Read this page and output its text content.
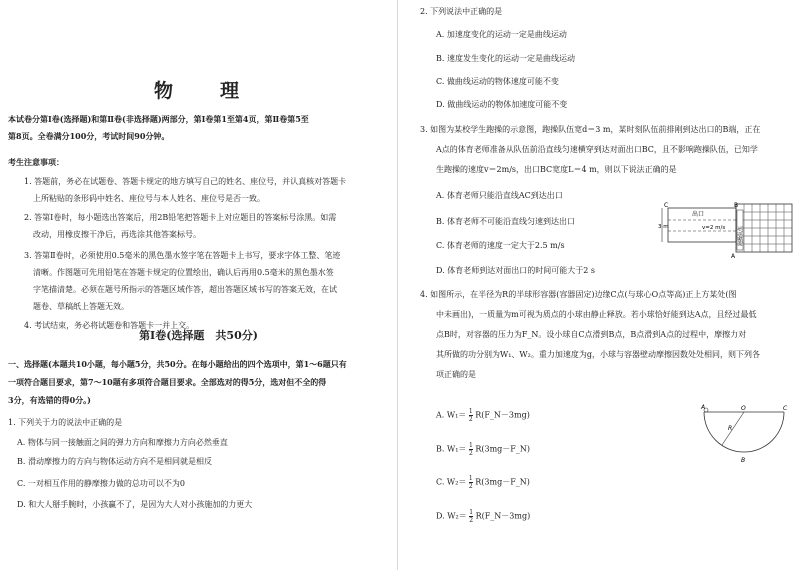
物　理
本试卷分第Ⅰ卷(选择题)和第Ⅱ卷(非选择题)两部分，第Ⅰ卷第1至第4页，第Ⅱ卷第5至
第8页。全卷满分100分，考试时间90分钟。
考生注意事项：
1. 答题前，务必在试题卷、答题卡规定的地方填写自己的姓名、座位号，并认真核对答题卡
上所粘贴的条形码中姓名、座位号与本人姓名、座位号是否一致。
2. 答第Ⅰ卷时，每小题选出答案后，用2B铅笔把答题卡上对应题目的答案标号涂黑。如需
改动，用橡皮擦干净后，再选涂其他答案标号。
3. 答第Ⅱ卷时，必须使用0.5毫米的黑色墨水签字笔在答题卡上书写，要求字体工整、笔迹
清晰。作图题可先用铅笔在答题卡规定的位置绘出，确认后再用0.5毫米的黑色墨水签
字笔描清楚。必须在题号所指示的答题区域作答，超出答题区域书写的答案无效，在试
题卷、草稿纸上答题无效。
4. 考试结束，务必将试题卷和答题卡一并上交。
第Ⅰ卷(选择题　共50分)
一、选择题(本题共10小题，每小题5分，共50分。在每小题给出的四个选项中，第1～6题只有
一项符合题目要求，第7～10题有多项符合题目要求。全部选对的得5分，选对但不全的得
3分，有选错的得0分。)
1. 下列关于力的说法中正确的是
A. 物体与同一接触面之间的弹力方向和摩擦力方向必然垂直
B. 滑动摩擦力的方向与物体运动方向不是相同就是相反
C. 一对相互作用的静摩擦力做的总功可以不为0
D. 和大人掰手腕时，小孩赢不了，是因为大人对小孩施加的力更大
2. 下列说法中正确的是
A. 加速度变化的运动一定是曲线运动
B. 速度发生变化的运动一定是曲线运动
C. 做曲线运动的物体速度可能不变
D. 做曲线运动的物体加速度可能不变
3. 如图为某校学生跑操的示意图，跑操队伍宽d＝3 m，某时刻队伍前排刚到达出口的B端，正在
A点的体育老师准备从队伍前沿直线匀速横穿到达对面出口BC，且不影响跑操队伍，已知学
生跑操的速度v＝2m/s，出口BC宽度L＝4 m，则以下说法正确的是
A. 体育老师只能沿直线AC到达出口
B. 体育老师不可能沿直线匀速到达出口
C. 体育老师的速度一定大于2.5 m/s
D. 体育老师到达对面出口的时间可能大于2 s
C	B
A
出口
3 m	v=2 m/s	跑操队伍
4. 如图所示，在半径为R的半球形容器(容器固定)边缘C点(与球心O点等高)正上方某处(图
中未画出)，一质量为m可视为质点的小球由静止释放。若小球恰好能到达A点，且经过最低
点B时，对容器的压力为F_N。设小球自C点滑到B点，B点滑到A点的过程中，摩擦力对
其所做的功分别为W₁、W₂。重力加速度为g，小球与容器壁动摩擦因数处处相同，则下列各
项正确的是
A. $W_1= \frac{1}{2}$ R(F_N－3mg)
B. $W_1= \frac{1}{2}$ R(3mg－F_N)
C. $W_2= \frac{1}{2}$ R(3mg－F_N)
D. $W_2= \frac{1}{2}$ R(F_N－3mg)
A	O	C
R
B
